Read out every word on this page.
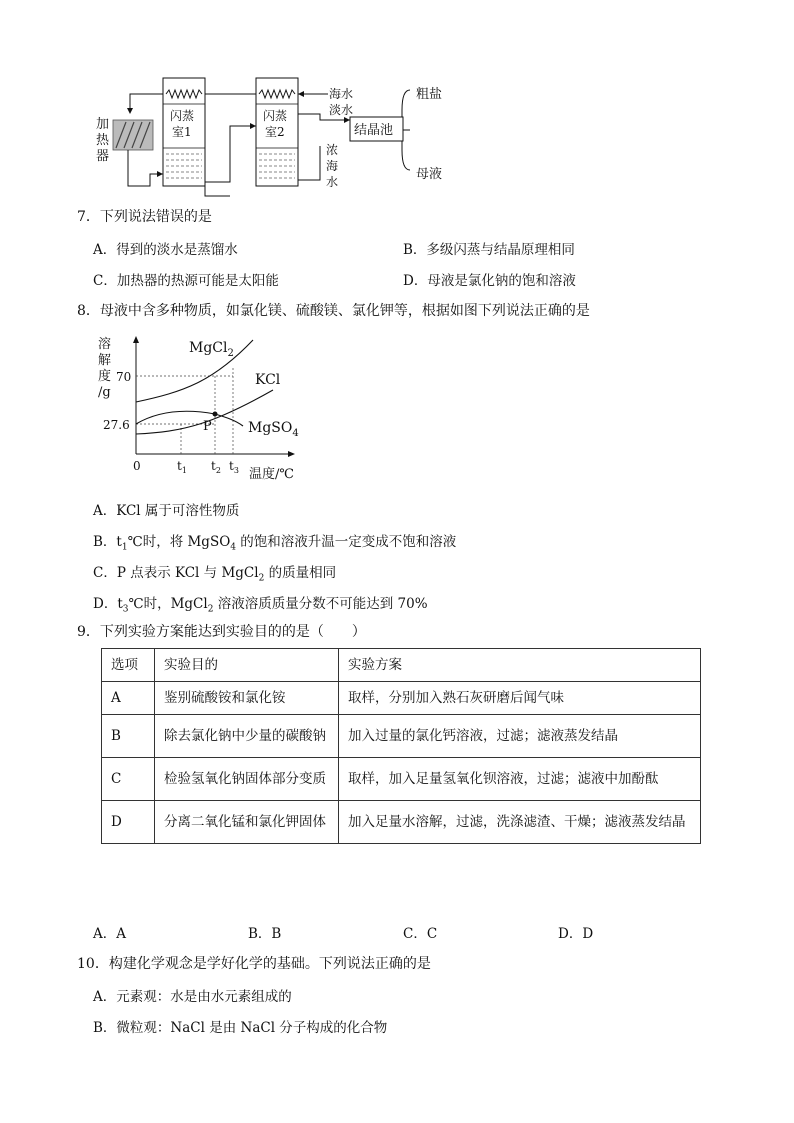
加
热
器
闪蒸
室1
闪蒸
室2
海水
淡水
浓
海
水
结晶池
粗盐
母液
7．下列说法错误的是
A．得到的淡水是蒸馏水	B．多级闪蒸与结晶原理相同
C．加热器的热源可能是太阳能	D．母液是氯化钠的饱和溶液
8．母液中含多种物质，如氯化镁、硫酸镁、氯化钾等，根据如图下列说法正确的是
溶
解
度
/g
70
27.6
0
P
MgCl$_2$
KCl
MgSO$_4$
$t_1$ $t_2$ $t_3$ 温度/℃
A．KCl 属于可溶性物质
B．$t_1℃$时，将 MgSO$_4$ 的饱和溶液升温一定变成不饱和溶液
C．P 点表示 KCl 与 MgCl$_2$ 的质量相同
D．$t_3℃$时，MgCl$_2$ 溶液溶质质量分数不可能达到 70%
9．下列实验方案能达到实验目的的是（　　）
选项	实验目的	实验方案
A	鉴别硫酸铵和氯化铵	取样，分别加入熟石灰研磨后闻气味
B	除去氯化钠中少量的碳酸钠	加入过量的氯化钙溶液，过滤；滤液蒸发结晶
C	检验氢氧化钠固体部分变质	取样，加入足量氢氧化钡溶液，过滤；滤液中加酚酞
D	分离二氧化锰和氯化钾固体	加入足量水溶解，过滤，洗涤滤渣、干燥；滤液蒸发结晶
A．A	B．B	C．C	D．D
10．构建化学观念是学好化学的基础。下列说法正确的是
A．元素观：水是由水元素组成的
B．微粒观：NaCl 是由 NaCl 分子构成的化合物
